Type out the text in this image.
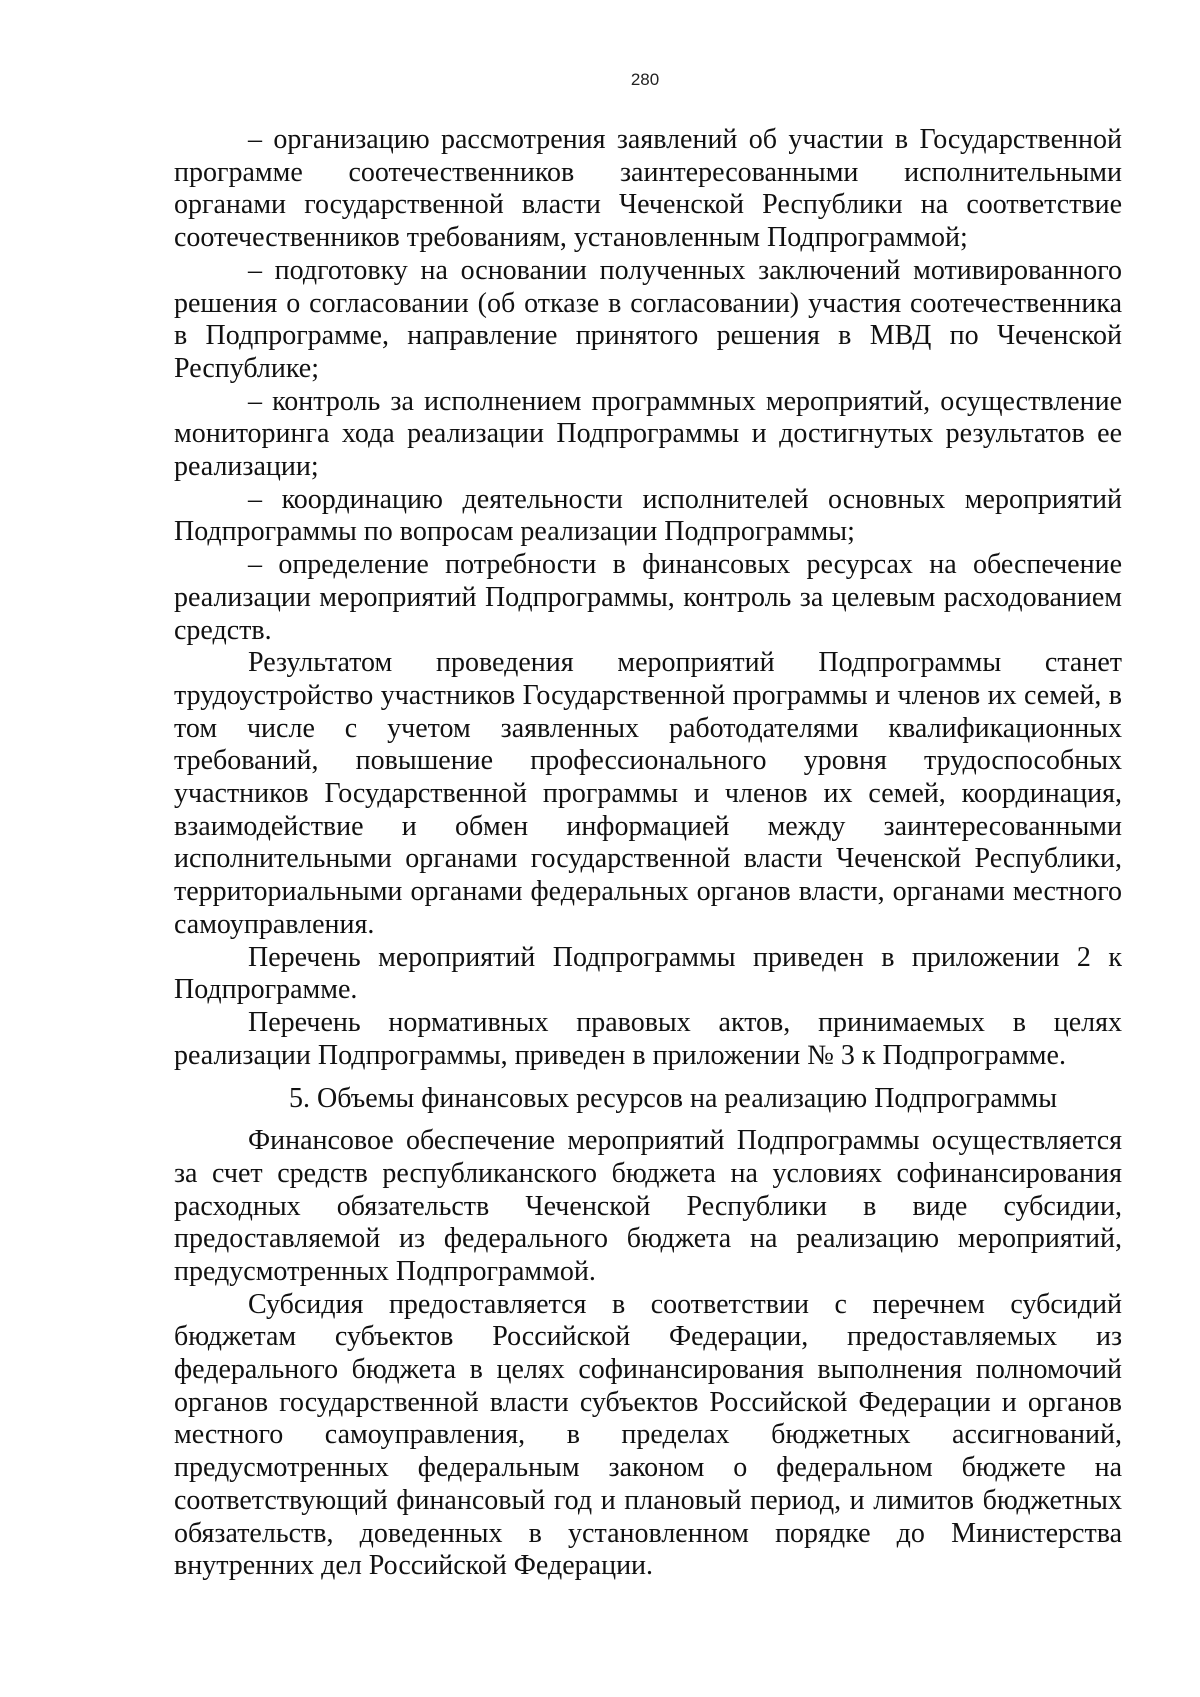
280

– организацию рассмотрения заявлений об участии в Государственной программе соотечественников заинтересованными исполнительными органами государственной власти Чеченской Республики на соответствие соотечественников требованиям, установленным Подпрограммой;

– подготовку на основании полученных заключений мотивированного решения о согласовании (об отказе в согласовании) участия соотечественника в Подпрограмме, направление принятого решения в МВД по Чеченской Республике;

– контроль за исполнением программных мероприятий, осуществление мониторинга хода реализации Подпрограммы и достигнутых результатов ее реализации;

– координацию деятельности исполнителей основных мероприятий Подпрограммы по вопросам реализации Подпрограммы;

– определение потребности в финансовых ресурсах на обеспечение реализации мероприятий Подпрограммы, контроль за целевым расходованием средств.

Результатом проведения мероприятий Подпрограммы станет трудоустройство участников Государственной программы и членов их семей, в том числе с учетом заявленных работодателями квалификационных требований, повышение профессионального уровня трудоспособных участников Государственной программы и членов их семей, координация, взаимодействие и обмен информацией между заинтересованными исполнительными органами государственной власти Чеченской Республики, территориальными органами федеральных органов власти, органами местного самоуправления.

Перечень мероприятий Подпрограммы приведен в приложении 2 к Подпрограмме.

Перечень нормативных правовых актов, принимаемых в целях реализации Подпрограммы, приведен в приложении № 3 к Подпрограмме.

5. Объемы финансовых ресурсов на реализацию Подпрограммы

Финансовое обеспечение мероприятий Подпрограммы осуществляется за счет средств республиканского бюджета на условиях софинансирования расходных обязательств Чеченской Республики в виде субсидии, предоставляемой из федерального бюджета на реализацию мероприятий, предусмотренных Подпрограммой.

Субсидия предоставляется в соответствии с перечнем субсидий бюджетам субъектов Российской Федерации, предоставляемых из федерального бюджета в целях софинансирования выполнения полномочий органов государственной власти субъектов Российской Федерации и органов местного самоуправления, в пределах бюджетных ассигнований, предусмотренных федеральным законом о федеральном бюджете на соответствующий финансовый год и плановый период, и лимитов бюджетных обязательств, доведенных в установленном порядке до Министерства внутренних дел Российской Федерации.
